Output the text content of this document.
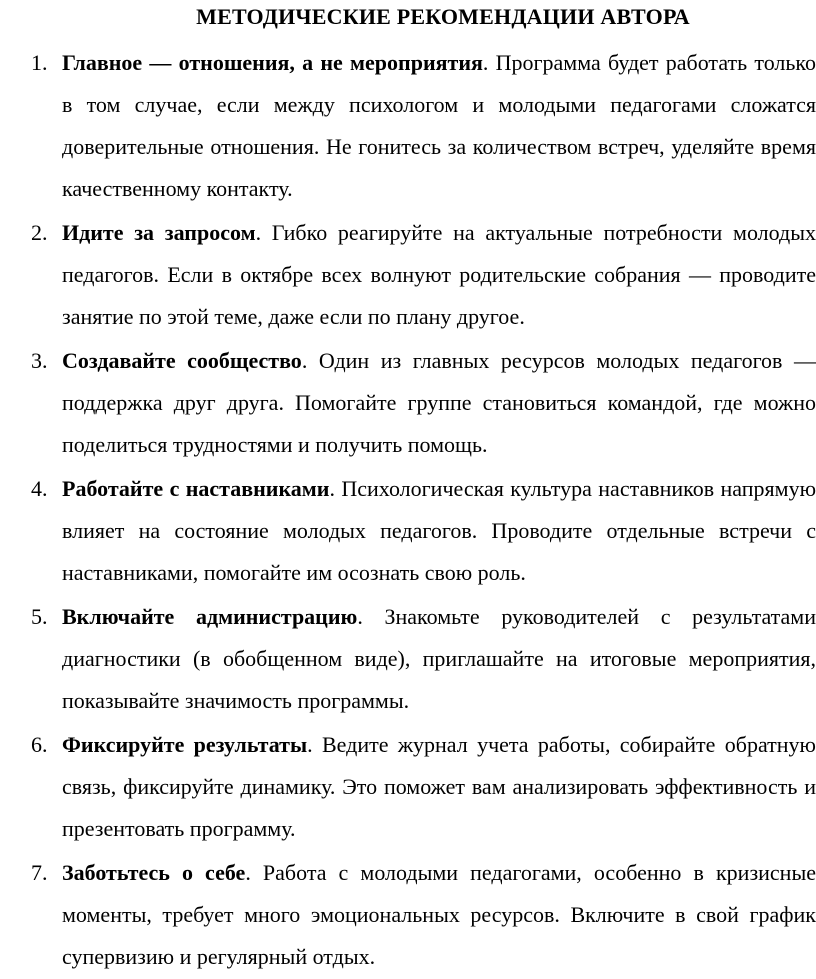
МЕТОДИЧЕСКИЕ РЕКОМЕНДАЦИИ АВТОРА
1. Главное — отношения, а не мероприятия. Программа будет работать только в том случае, если между психологом и молодыми педагогами сложатся доверительные отношения. Не гонитесь за количеством встреч, уделяйте время качественному контакту.
2. Идите за запросом. Гибко реагируйте на актуальные потребности молодых педагогов. Если в октябре всех волнуют родительские собрания — проводите занятие по этой теме, даже если по плану другое.
3. Создавайте сообщество. Один из главных ресурсов молодых педагогов — поддержка друг друга. Помогайте группе становиться командой, где можно поделиться трудностями и получить помощь.
4. Работайте с наставниками. Психологическая культура наставников напрямую влияет на состояние молодых педагогов. Проводите отдельные встречи с наставниками, помогайте им осознать свою роль.
5. Включайте администрацию. Знакомьте руководителей с результатами диагностики (в обобщенном виде), приглашайте на итоговые мероприятия, показывайте значимость программы.
6. Фиксируйте результаты. Ведите журнал учета работы, собирайте обратную связь, фиксируйте динамику. Это поможет вам анализировать эффективность и презентовать программу.
7. Заботьтесь о себе. Работа с молодыми педагогами, особенно в кризисные моменты, требует много эмоциональных ресурсов. Включите в свой график супервизию и регулярный отдых.
